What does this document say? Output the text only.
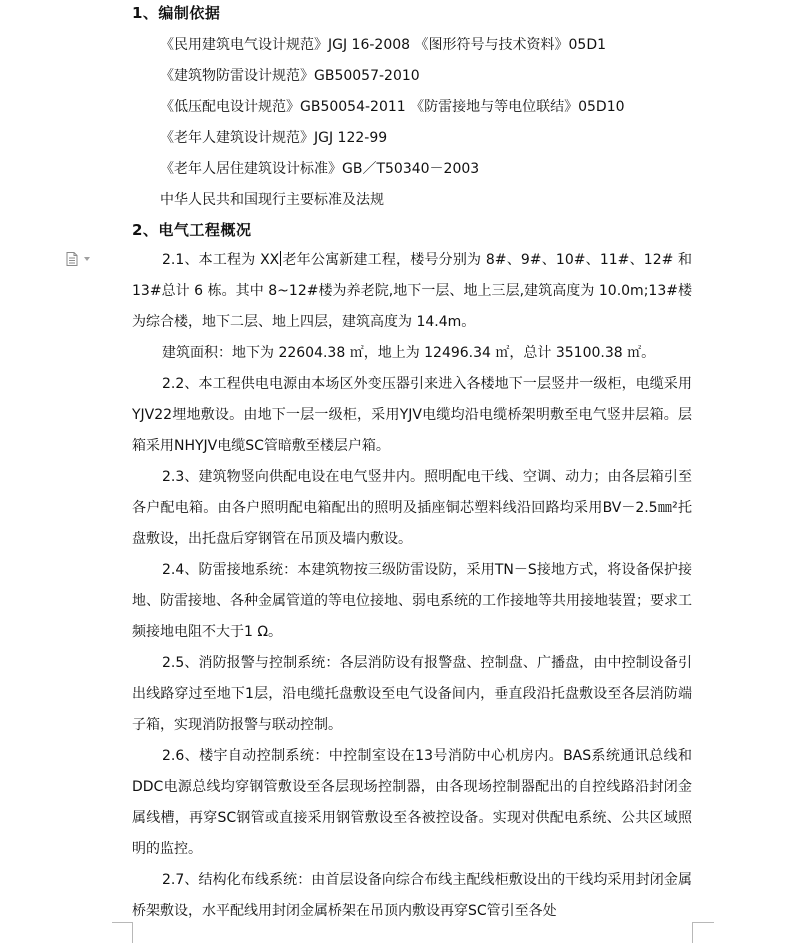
1、编制依据
《民用建筑电气设计规范》JGJ 16-2008 《图形符号与技术资料》05D1
《建筑物防雷设计规范》GB50057-2010
《低压配电设计规范》GB50054-2011 《防雷接地与等电位联结》05D10
《老年人建筑设计规范》JGJ 122-99
《老年人居住建筑设计标准》GB／T50340－2003
中华人民共和国现行主要标准及法规
2、电气工程概况

2.1、本工程为 XX 老年公寓新建工程，楼号分别为 8#、9#、10#、11#、12# 和 13#总计 6 栋。其中 8~12#楼为养老院,地下一层、地上三层,建筑高度为 10.0m;13#楼为综合楼，地下二层、地上四层，建筑高度为 14.4m。

建筑面积：地下为 22604.38 ㎡，地上为 12496.34 ㎡，总计 35100.38 ㎡。

2.2、本工程供电电源由本场区外变压器引来进入各楼地下一层竖井一级柜，电缆采用YJV22埋地敷设。由地下一层一级柜，采用YJV电缆均沿电缆桥架明敷至电气竖井层箱。层箱采用NHYJV电缆SC管暗敷至楼层户箱。

2.3、建筑物竖向供配电设在电气竖井内。照明配电干线、空调、动力；由各层箱引至各户配电箱。由各户照明配电箱配出的照明及插座铜芯塑料线沿回路均采用BV－2.5㎜²托盘敷设，出托盘后穿钢管在吊顶及墙内敷设。

2.4、防雷接地系统：本建筑物按三级防雷设防，采用TN－S接地方式，将设备保护接地、防雷接地、各种金属管道的等电位接地、弱电系统的工作接地等共用接地装置；要求工频接地电阻不大于1 Ω。

2.5、消防报警与控制系统：各层消防设有报警盘、控制盘、广播盘，由中控制设备引出线路穿过至地下1层，沿电缆托盘敷设至电气设备间内，垂直段沿托盘敷设至各层消防端子箱，实现消防报警与联动控制。

2.6、楼宇自动控制系统：中控制室设在13号消防中心机房内。BAS系统通讯总线和DDC电源总线均穿钢管敷设至各层现场控制器，由各现场控制器配出的自控线路沿封闭金属线槽，再穿SC钢管或直接采用钢管敷设至各被控设备。实现对供配电系统、公共区域照明的监控。

2.7、结构化布线系统：由首层设备向综合布线主配线柜敷设出的干线均采用封闭金属桥架敷设，水平配线用封闭金属桥架在吊顶内敷设再穿SC管引至各处
